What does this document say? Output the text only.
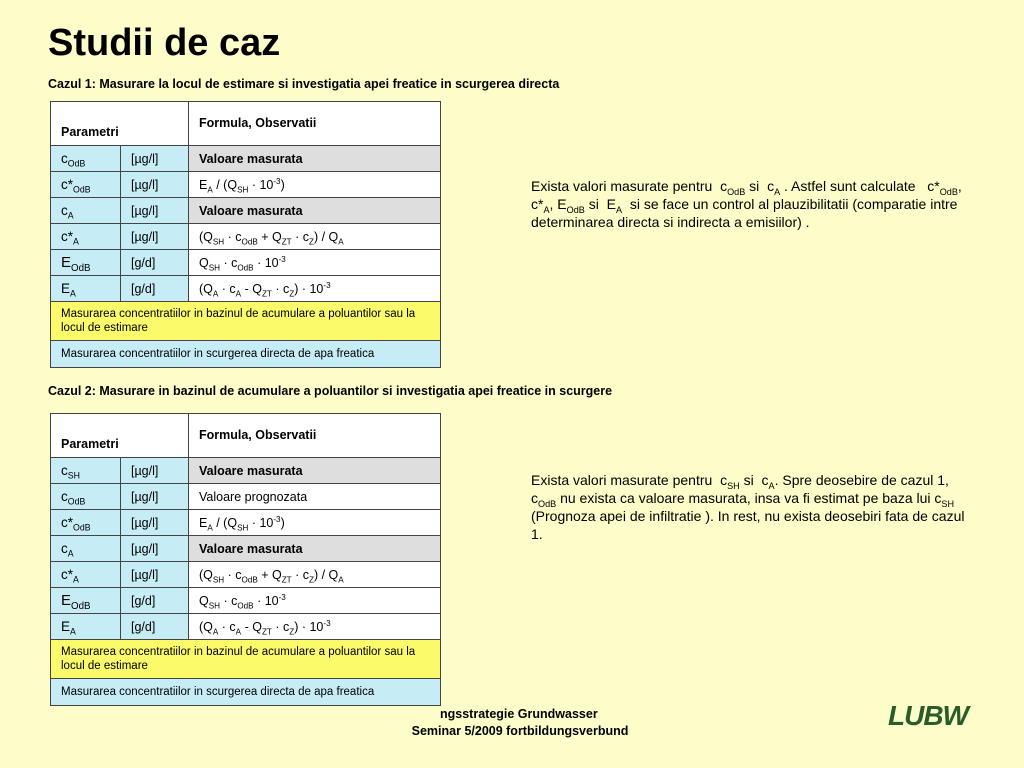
Studii de caz
Cazul 1: Masurare la locul de estimare si investigatia apei freatice in scurgerea directa
Parametri		Formula, Observatii
$c_{OdB}$	[µg/l]	Valoare masurata
$c*_{OdB}$	[µg/l]	$E_A / (Q_{SH} \cdot 10^{-3})$
$c_A$	[µg/l]	Valoare masurata
$c*_A$	[µg/l]	$(Q_{SH} \cdot c_{OdB} + Q_{ZT} \cdot c_Z) / Q_A$
$E_{OdB}$	[g/d]	$Q_{SH} \cdot c_{OdB} \cdot 10^{-3}$
$E_A$	[g/d]	$(Q_A \cdot c_A - Q_{ZT} \cdot c_Z) \cdot 10^{-3}$
Masurarea concentratiilor in bazinul de acumulare a poluantilor sau la locul de estimare		
Masurarea concentratiilor in scurgerea directa de apa freatica		
Exista valori masurate pentru  $c_{OdB}$ si  $c_A$ . Astfel sunt calculate   $c*_{OdB}$, $c*_A$, $E_{OdB}$ si  $E_A$  si se face un control al plauzibilitatii (comparatie intre determinarea directa si indirecta a emisiilor) .
Cazul 2: Masurare in bazinul de acumulare a poluantilor si investigatia apei freatice in scurgere
Parametri		Formula, Observatii
$c_{SH}$	[µg/l]	Valoare masurata
$c_{OdB}$	[µg/l]	Valoare prognozata
$c*_{OdB}$	[µg/l]	$E_A / (Q_{SH} \cdot 10^{-3})$
$c_A$	[µg/l]	Valoare masurata
$c*_A$	[µg/l]	$(Q_{SH} \cdot c_{OdB} + Q_{ZT} \cdot c_Z) / Q_A$
$E_{OdB}$	[g/d]	$Q_{SH} \cdot c_{OdB} \cdot 10^{-3}$
$E_A$	[g/d]	$(Q_A \cdot c_A - Q_{ZT} \cdot c_Z) \cdot 10^{-3}$
Masurarea concentratiilor in bazinul de acumulare a poluantilor sau la locul de estimare		
Masurarea concentratiilor in scurgerea directa de apa freatica		
Exista valori masurate pentru  $c_{SH}$ si  $c_A$. Spre deosebire de cazul 1,  $c_{OdB}$ nu exista ca valoare masurata, insa va fi estimat pe baza lui $c_{SH}$  (Prognoza apei de infiltratie ). In rest, nu exista deosebiri fata de cazul 1.
ngsstrategie Grundwasser
Seminar 5/2009 fortbildungsverbund	LUBW
